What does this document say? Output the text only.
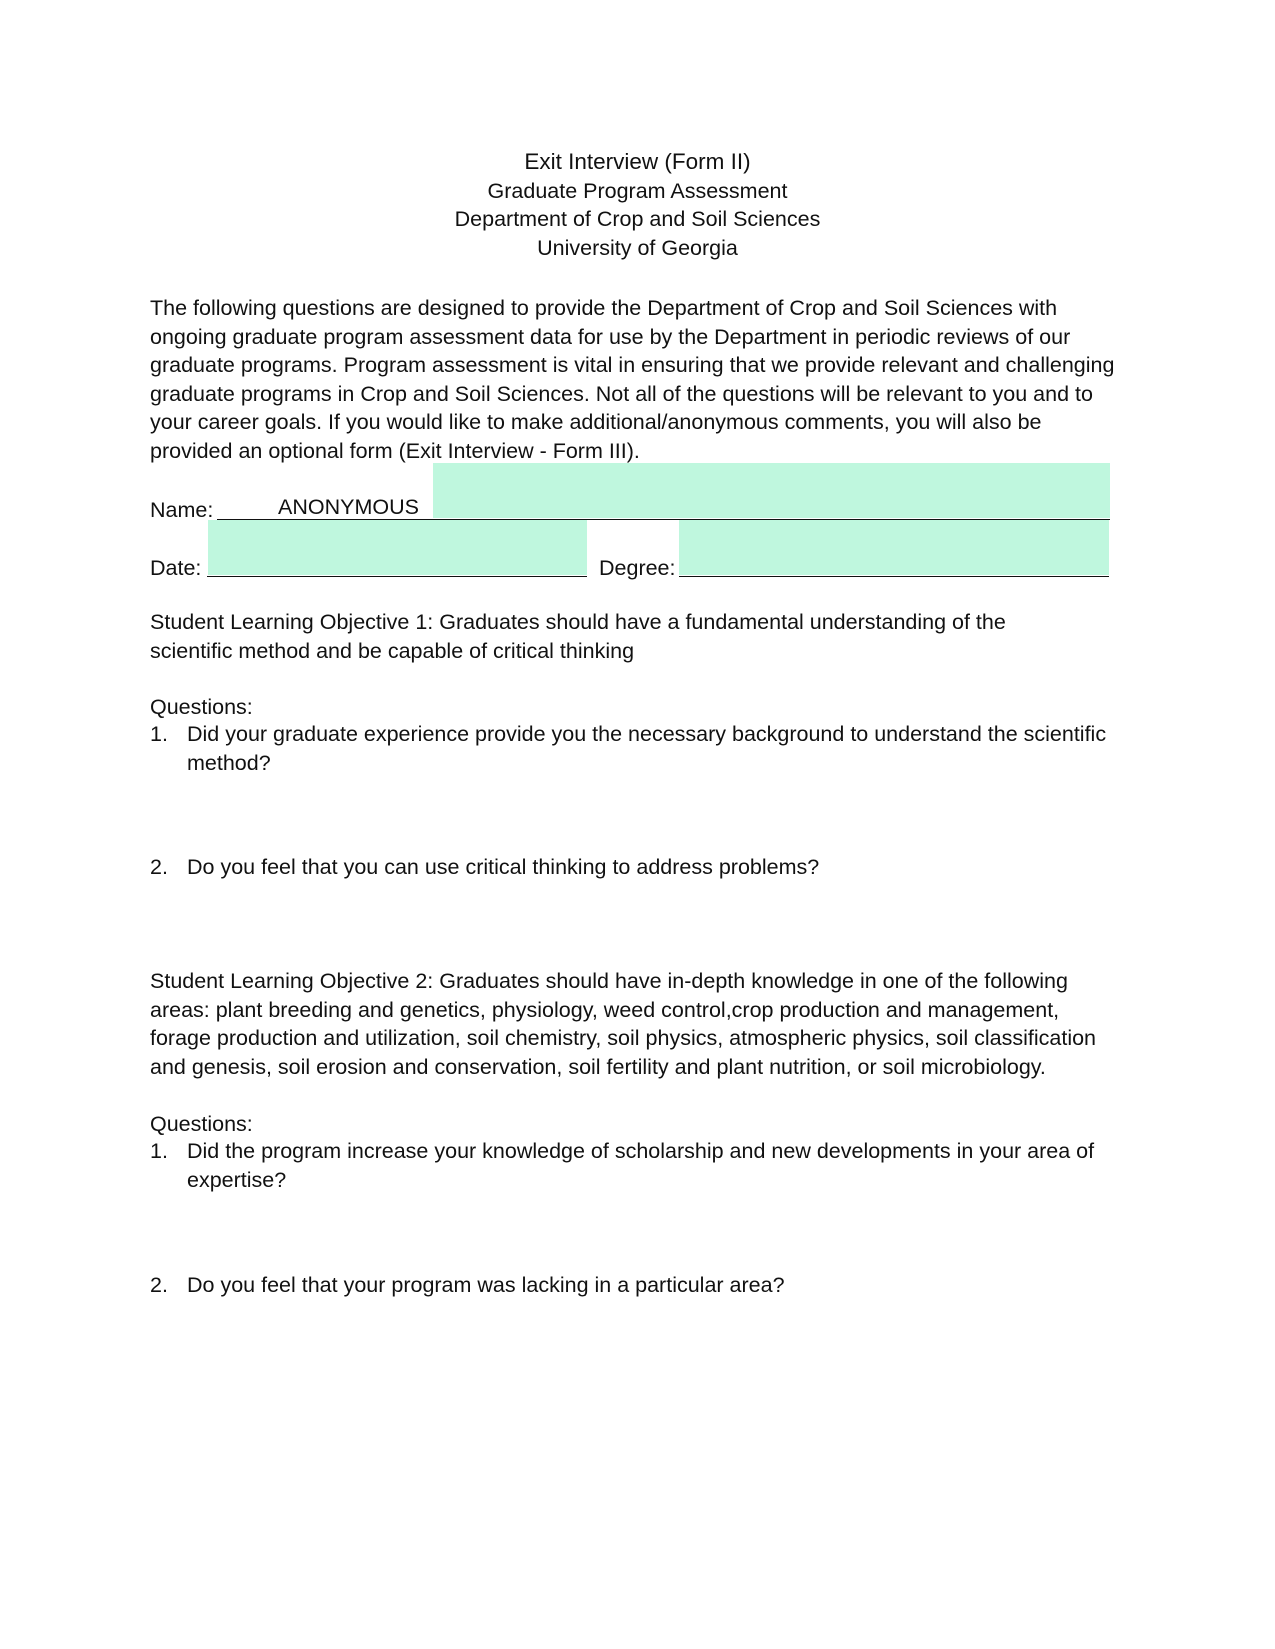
Exit Interview (Form II)
Graduate Program Assessment
Department of Crop and Soil Sciences
University of Georgia
The following questions are designed to provide the Department of Crop and Soil Sciences with
ongoing graduate program assessment data for use by the Department in periodic reviews of our
graduate programs. Program assessment is vital in ensuring that we provide relevant and challenging
graduate programs in Crop and Soil Sciences. Not all of the questions will be relevant to you and to
your career goals. If you would like to make additional/anonymous comments, you will also be
provided an optional form (Exit Interview - Form III).
Name:	ANONYMOUS
Date:	Degree:
Student Learning Objective 1: Graduates should have a fundamental understanding of the
scientific method and be capable of critical thinking
Questions:
1. Did your graduate experience provide you the necessary background to understand the scientific
method?
2. Do you feel that you can use critical thinking to address problems?
Student Learning Objective 2: Graduates should have in-depth knowledge in one of the following
areas: plant breeding and genetics, physiology, weed control,crop production and management,
forage production and utilization, soil chemistry, soil physics, atmospheric physics, soil classification
and genesis, soil erosion and conservation, soil fertility and plant nutrition, or soil microbiology.
Questions:
1. Did the program increase your knowledge of scholarship and new developments in your area of
expertise?
2. Do you feel that your program was lacking in a particular area?
